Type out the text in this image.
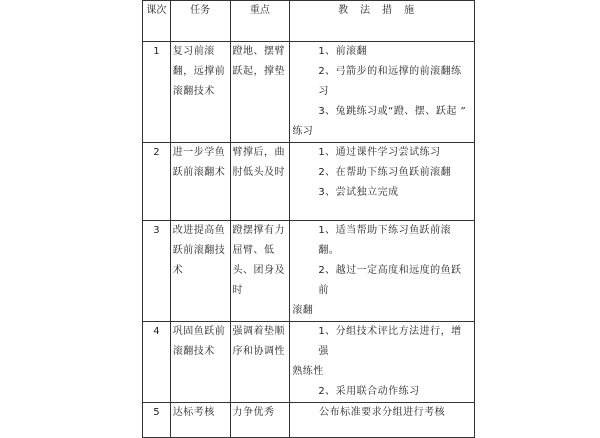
课次	任务	重点	教法措施
1	复习前滚翻，远撑前滚翻技术	蹬地、摆臂跃起，撑垫	1、前滚翻
2、弓箭步的和远撑的前滚翻练习
3、兔跳练习或“蹬、摆、跃起 ”
练习

2	进一步学鱼跃前滚翻术	臂撑后，曲肘低头及时	1、通过课件学习尝试练习
2、在帮助下练习鱼跃前滚翻
3、尝试独立完成

3	改进提高鱼跃前滚翻技术	蹬摆撑有力屈臂、低头、团身及时	1、适当帮助下练习鱼跃前滚翻。
2、越过一定高度和远度的鱼跃前
滚翻

4	巩固鱼跃前滚翻技术	强调着垫顺序和协调性	1、分组技术评比方法进行，增强
熟练性
2、采用联合动作练习

5	达标考核	力争优秀	公布标准要求分组进行考核
